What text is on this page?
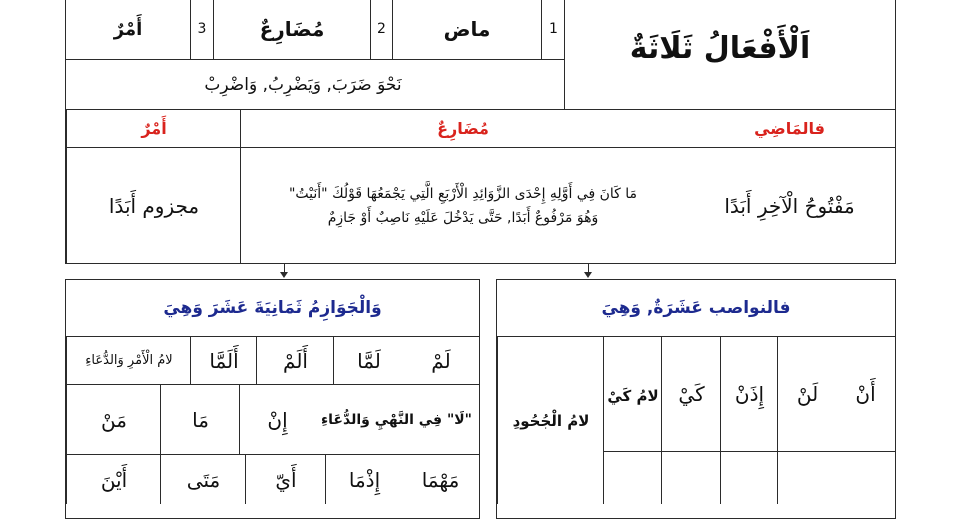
اَلْأَفْعَالُ ثَلَاثَةٌ
1
ماض
2
مُضَارِعٌ
3
أَمْرٌ
نَحْوَ ضَرَبَ, وَيَضْرِبُ, وَاضْرِبْ
فالمَاضِي
مُضَارِعٌ
أَمْرٌ
مَفْتُوحُ الْآخِرِ أَبَدًا
مَا كَانَ فِي أَوَّلِهِ إِحْدَى الزَّوَائِدِ الْأَرْبَعِ الَّتِي يَجْمَعُهَا قَوْلُكَ "أَنَيْتُ"
وَهُوَ مَرْفُوعٌ أَبَدًا, حَتَّى يَدْخُلَ عَلَيْهِ نَاصِبٌ أَوْ جَازِمٌ
مجزوم أَبَدًا
فالنواصب عَشَرَةٌ, وَهِيَ
أَنْ
لَنْ
إِذَنْ
كَيْ
لامُ كَيْ
لامُ الْجُحُودِ
وَالْجَوَازِمُ ثَمَانِيَةَ عَشَرَ وَهِيَ
لَمْ
لَمَّا
أَلَمْ
أَلَمَّا
لامُ الْأَمْرِ وَالدُّعَاءِ
"لَا" فِي النَّهْيِ وَالدُّعَاءِ
إِنْ
مَا
مَنْ
مَهْمَا
إِذْمَا
أَيّ
مَتَى
أَيْنَ
